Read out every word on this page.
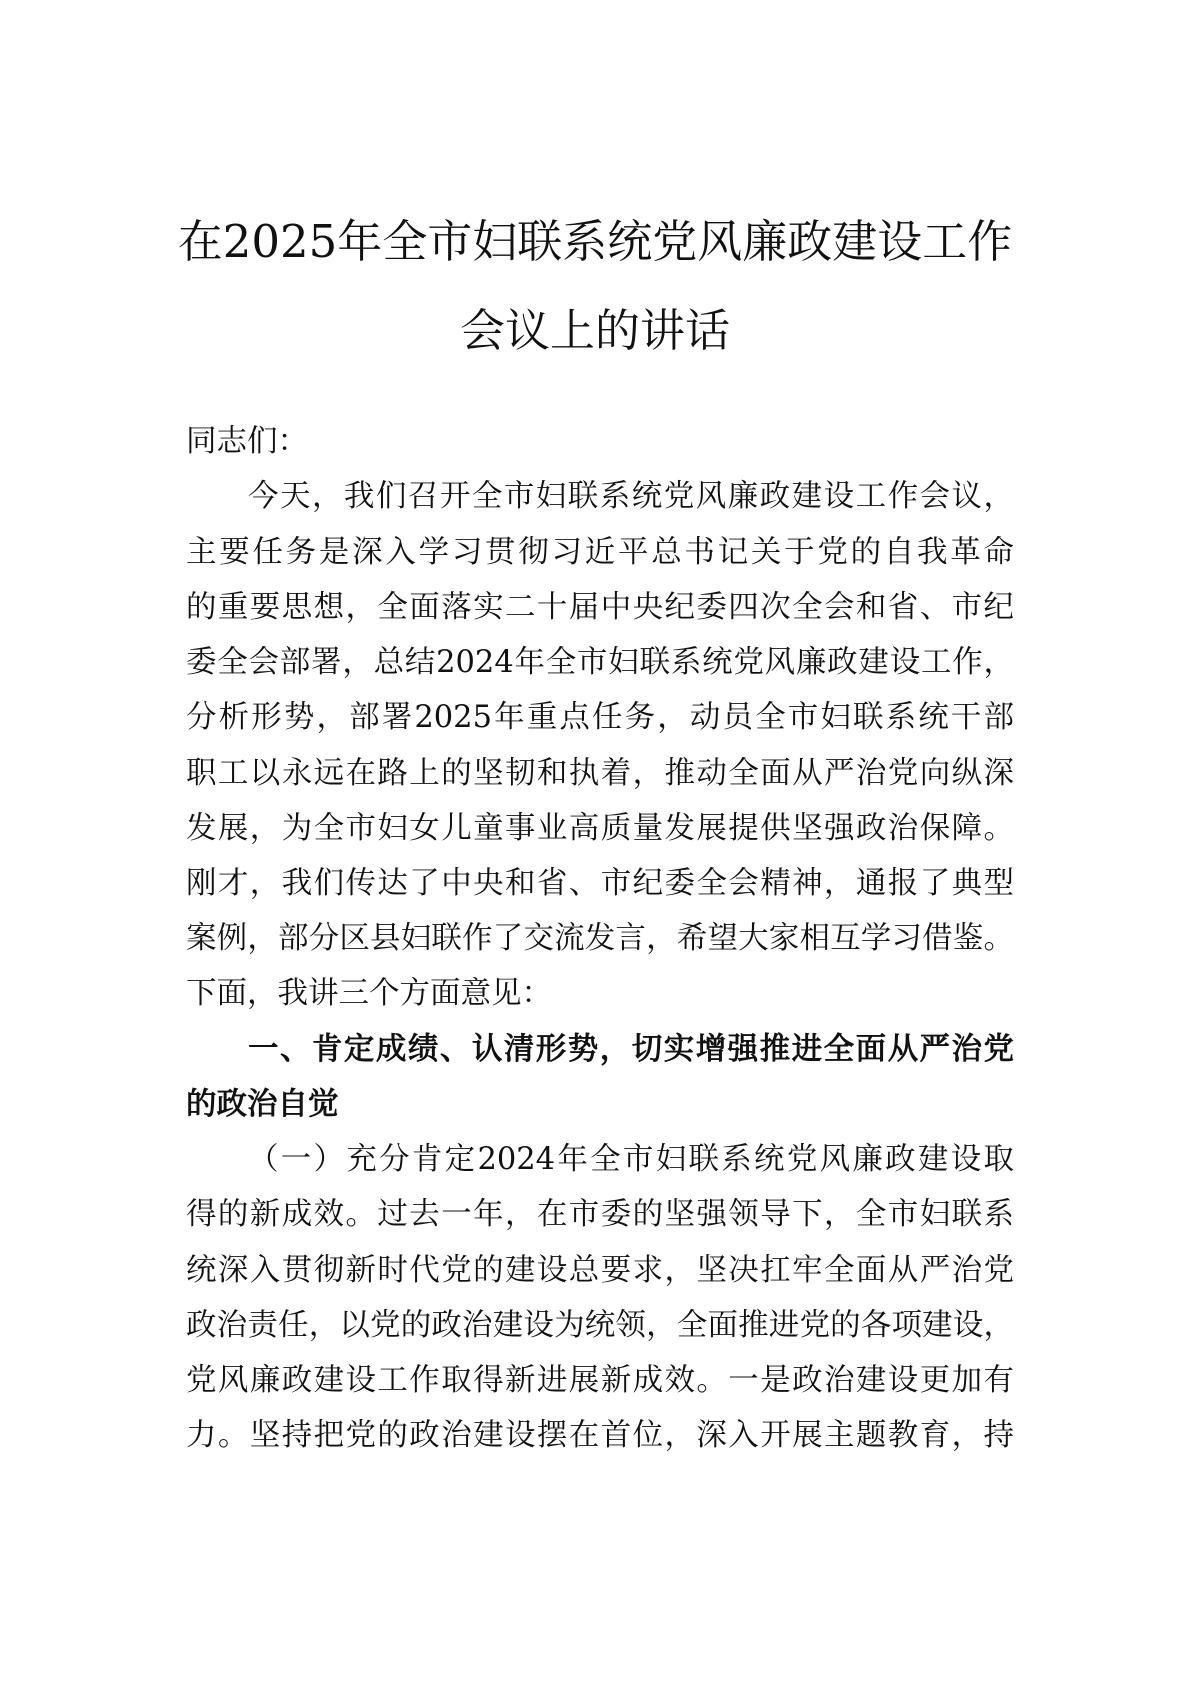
在2025年全市妇联系统党风廉政建设工作
会议上的讲话
同志们：
今天，我们召开全市妇联系统党风廉政建设工作会议，
主要任务是深入学习贯彻习近平总书记关于党的自我革命
的重要思想，全面落实二十届中央纪委四次全会和省、市纪
委全会部署，总结2024年全市妇联系统党风廉政建设工作，
分析形势，部署2025年重点任务，动员全市妇联系统干部
职工以永远在路上的坚韧和执着，推动全面从严治党向纵深
发展，为全市妇女儿童事业高质量发展提供坚强政治保障。
刚才，我们传达了中央和省、市纪委全会精神，通报了典型
案例，部分区县妇联作了交流发言，希望大家相互学习借鉴。
下面，我讲三个方面意见：
一、肯定成绩、认清形势，切实增强推进全面从严治党
的政治自觉
（一）充分肯定2024年全市妇联系统党风廉政建设取
得的新成效。过去一年，在市委的坚强领导下，全市妇联系
统深入贯彻新时代党的建设总要求，坚决扛牢全面从严治党
政治责任，以党的政治建设为统领，全面推进党的各项建设，
党风廉政建设工作取得新进展新成效。一是政治建设更加有
力。坚持把党的政治建设摆在首位，深入开展主题教育，持
